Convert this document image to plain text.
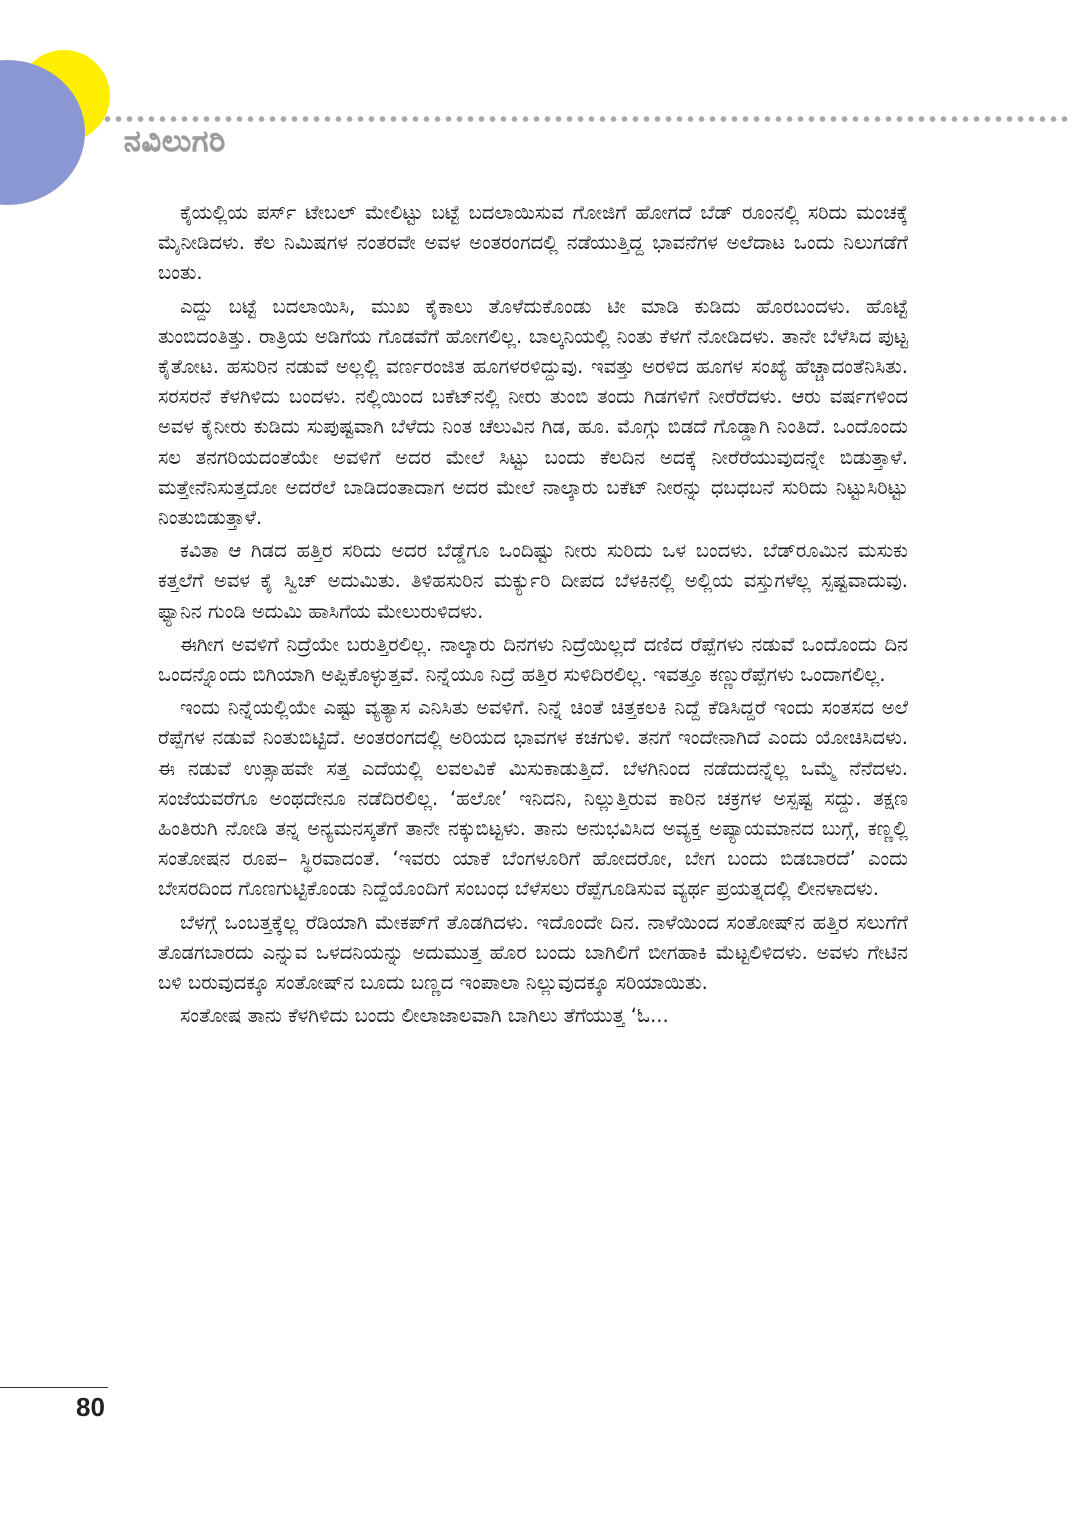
ನವಿಲುಗರಿ

ಕೈಯಲ್ಲಿಯ ಪರ್ಸ್ ಟೇಬಲ್ ಮೇಲಿಟ್ಟು ಬಟ್ಟೆ ಬದಲಾಯಿಸುವ ಗೋಜಿಗೆ ಹೋಗದೆ ಬೆಡ್ ರೂಂನಲ್ಲಿ ಸರಿದು ಮಂಚಕ್ಕೆ ಮೈನೀಡಿದಳು. ಕೆಲ ನಿಮಿಷಗಳ ನಂತರವೇ ಅವಳ ಅಂತರಂಗದಲ್ಲಿ ನಡೆಯುತ್ತಿದ್ದ ಭಾವನೆಗಳ ಅಲೆದಾಟ ಒಂದು ನಿಲುಗಡೆಗೆ ಬಂತು.

ಎದ್ದು ಬಟ್ಟೆ ಬದಲಾಯಿಸಿ, ಮುಖ ಕೈಕಾಲು ತೊಳೆದುಕೊಂಡು ಟೀ ಮಾಡಿ ಕುಡಿದು ಹೊರಬಂದಳು. ಹೊಟ್ಟೆ ತುಂಬಿದಂತಿತ್ತು. ರಾತ್ರಿಯ ಅಡಿಗೆಯ ಗೊಡವೆಗೆ ಹೋಗಲಿಲ್ಲ. ಬಾಲ್ಕನಿಯಲ್ಲಿ ನಿಂತು ಕೆಳಗೆ ನೋಡಿದಳು. ತಾನೇ ಬೆಳೆಸಿದ ಪುಟ್ಟ ಕೈತೋಟ. ಹಸುರಿನ ನಡುವೆ ಅಲ್ಲಲ್ಲಿ ವರ್ಣರಂಜಿತ ಹೂಗಳರಳಿದ್ದುವು. ಇವತ್ತು ಅರಳಿದ ಹೂಗಳ ಸಂಖ್ಯೆ ಹೆಚ್ಚಾದಂತೆನಿಸಿತು. ಸರಸರನೆ ಕೆಳಗಿಳಿದು ಬಂದಳು. ನಲ್ಲಿಯಿಂದ ಬಕೆಟ್‌ನಲ್ಲಿ ನೀರು ತುಂಬಿ ತಂದು ಗಿಡಗಳಿಗೆ ನೀರೆರೆದಳು. ಆರು ವರ್ಷಗಳಿಂದ ಅವಳ ಕೈನೀರು ಕುಡಿದು ಸುಪುಷ್ಟವಾಗಿ ಬೆಳೆದು ನಿಂತ ಚೆಲುವಿನ ಗಿಡ, ಹೂ. ಮೊಗ್ಗು ಬಿಡದೆ ಗೊಡ್ಡಾಗಿ ನಿಂತಿದೆ. ಒಂದೊಂದು ಸಲ ತನಗರಿಯದಂತೆಯೇ ಅವಳಿಗೆ ಅದರ ಮೇಲೆ ಸಿಟ್ಟು ಬಂದು ಕೆಲದಿನ ಅದಕ್ಕೆ ನೀರೆರೆಯುವುದನ್ನೇ ಬಿಡುತ್ತಾಳೆ. ಮತ್ತೇನೆನಿಸುತ್ತದೋ ಅದರೆಲೆ ಬಾಡಿದಂತಾದಾಗ ಅದರ ಮೇಲೆ ನಾಲ್ಕಾರು ಬಕೆಟ್ ನೀರನ್ನು ಧಬಧಬನೆ ಸುರಿದು ನಿಟ್ಟುಸಿರಿಟ್ಟು ನಿಂತುಬಿಡುತ್ತಾಳೆ.

ಕವಿತಾ ಆ ಗಿಡದ ಹತ್ತಿರ ಸರಿದು ಅದರ ಬೆಡ್ಡೆಗೂ ಒಂದಿಷ್ಟು ನೀರು ಸುರಿದು ಒಳ ಬಂದಳು. ಬೆಡ್‌ರೂಮಿನ ಮಸುಕು ಕತ್ತಲೆಗೆ ಅವಳ ಕೈ ಸ್ವಿಚ್ ಅದುಮಿತು. ತಿಳಿಹಸುರಿನ ಮರ್ಕ್ಯುರಿ ದೀಪದ ಬೆಳಕಿನಲ್ಲಿ ಅಲ್ಲಿಯ ವಸ್ತುಗಳೆಲ್ಲ ಸ್ಪಷ್ಟವಾದುವು. ಫ್ಯಾನಿನ ಗುಂಡಿ ಅದುಮಿ ಹಾಸಿಗೆಯ ಮೇಲುರುಳಿದಳು.

ಈಗೀಗ ಅವಳಿಗೆ ನಿದ್ರೆಯೇ ಬರುತ್ತಿರಲಿಲ್ಲ. ನಾಲ್ಕಾರು ದಿನಗಳು ನಿದ್ರೆಯಿಲ್ಲದೆ ದಣಿದ ರೆಪ್ಪೆಗಳು ನಡುವೆ ಒಂದೊಂದು ದಿನ ಒಂದನ್ನೊಂದು ಬಿಗಿಯಾಗಿ ಅಪ್ಪಿಕೊಳ್ಳುತ್ತವೆ. ನಿನ್ನೆಯೂ ನಿದ್ರೆ ಹತ್ತಿರ ಸುಳಿದಿರಲಿಲ್ಲ. ಇವತ್ತೂ ಕಣ್ಣುರೆಪ್ಪೆಗಳು ಒಂದಾಗಲಿಲ್ಲ.

ಇಂದು ನಿನ್ನೆಯಲ್ಲಿಯೇ ಎಷ್ಟು ವ್ಯತ್ಯಾಸ ಎನಿಸಿತು ಅವಳಿಗೆ. ನಿನ್ನೆ ಚಿಂತೆ ಚಿತ್ತಕಲಕಿ ನಿದ್ದೆ ಕೆಡಿಸಿದ್ದರೆ ಇಂದು ಸಂತಸದ ಅಲೆ ರೆಪ್ಪೆಗಳ ನಡುವೆ ನಿಂತುಬಿಟ್ಟಿದೆ. ಅಂತರಂಗದಲ್ಲಿ ಅರಿಯದ ಭಾವಗಳ ಕಚಗುಳಿ. ತನಗೆ ಇಂದೇನಾಗಿದೆ ಎಂದು ಯೋಚಿಸಿದಳು. ಈ ನಡುವೆ ಉತ್ಸಾಹವೇ ಸತ್ತ ಎದೆಯಲ್ಲಿ ಲವಲವಿಕೆ ಮಿಸುಕಾಡುತ್ತಿದೆ. ಬೆಳಗಿನಿಂದ ನಡೆದುದನ್ನೆಲ್ಲ ಒಮ್ಮೆ ನೆನೆದಳು. ಸಂಜೆಯವರೆಗೂ ಅಂಥದೇನೂ ನಡೆದಿರಲಿಲ್ಲ. ‘ಹಲೋ’ ಇನಿದನಿ, ನಿಲ್ಲುತ್ತಿರುವ ಕಾರಿನ ಚಕ್ರಗಳ ಅಸ್ಪಷ್ಟ ಸದ್ದು. ತಕ್ಷಣ ಹಿಂತಿರುಗಿ ನೋಡಿ ತನ್ನ ಅನ್ಯಮನಸ್ಕತೆಗೆ ತಾನೇ ನಕ್ಕುಬಿಟ್ಟಳು. ತಾನು ಅನುಭವಿಸಿದ ಅವ್ಯಕ್ತ ಅಪ್ಯಾಯಮಾನದ ಬುಗ್ಗೆ, ಕಣ್ಣಲ್ಲಿ ಸಂತೋಷನ ರೂಪ– ಸ್ಥಿರವಾದಂತೆ. ‘ಇವರು ಯಾಕೆ ಬೆಂಗಳೂರಿಗೆ ಹೋದರೋ, ಬೇಗ ಬಂದು ಬಿಡಬಾರದೆ’ ಎಂದು ಬೇಸರದಿಂದ ಗೊಣಗುಟ್ಟಿಕೊಂಡು ನಿದ್ದೆಯೊಂದಿಗೆ ಸಂಬಂಧ ಬೆಳೆಸಲು ರೆಪ್ಪೆಗೂಡಿಸುವ ವ್ಯರ್ಥ ಪ್ರಯತ್ನದಲ್ಲಿ ಲೀನಳಾದಳು.

ಬೆಳಗ್ಗೆ ಒಂಬತ್ತಕ್ಕೆಲ್ಲ ರೆಡಿಯಾಗಿ ಮೇಕಪ್‌ಗೆ ತೊಡಗಿದಳು. ಇದೊಂದೇ ದಿನ. ನಾಳೆಯಿಂದ ಸಂತೋಷ್‌ನ ಹತ್ತಿರ ಸಲುಗೆಗೆ ತೊಡಗಬಾರದು ಎನ್ನುವ ಒಳದನಿಯನ್ನು ಅದುಮುತ್ತ ಹೊರ ಬಂದು ಬಾಗಿಲಿಗೆ ಬೀಗಹಾಕಿ ಮೆಟ್ಟಲಿಳಿದಳು. ಅವಳು ಗೇಟಿನ ಬಳಿ ಬರುವುದಕ್ಕೂ ಸಂತೋಷ್‌ನ ಬೂದು ಬಣ್ಣದ ಇಂಪಾಲಾ ನಿಲ್ಲುವುದಕ್ಕೂ ಸರಿಯಾಯಿತು.

ಸಂತೋಷ ತಾನು ಕೆಳಗಿಳಿದು ಬಂದು ಲೀಲಾಜಾಲವಾಗಿ ಬಾಗಿಲು ತೆಗೆಯುತ್ತ ‘ಓ...

80
